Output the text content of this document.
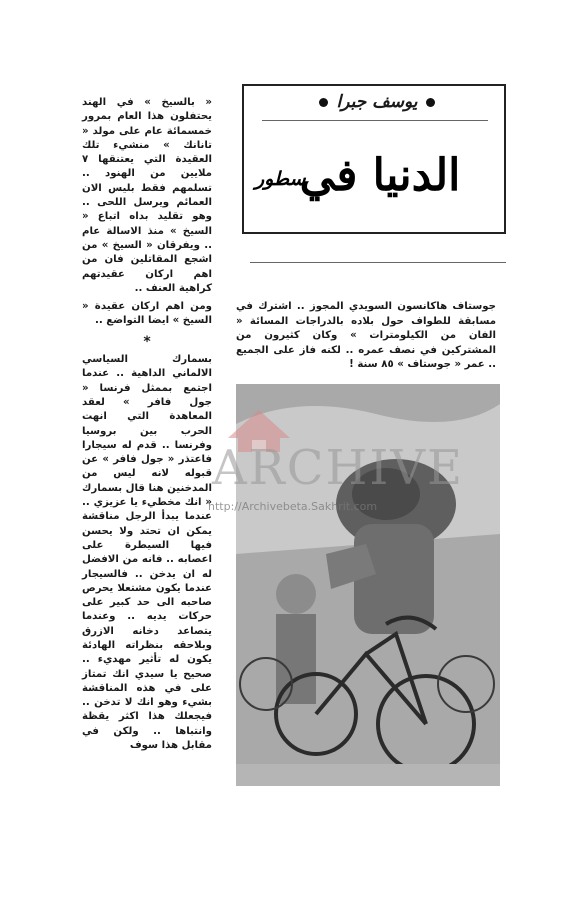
يوسف جبرا
الدنيا في
سطور

« بالسيخ » في الهند يحتفلون هذا العام بمرور خمسمائة عام على مولد « تانانك » منشيء تلك العقيدة التي يعتنقها ٧ ملايين من الهنود .. تسلمهم فقط بليس الان العمائم ويرسل اللحى .. وهو تقليد بداه اتباع « السيخ » منذ الاسالة عام .. ويفرقان « السيخ » من اشجع المقاتلين فان من اهم اركان عقيدتهم كراهية العنف ..

ومن اهم اركان عقيدة « السيخ » ايضا التواضع ..

*

بسمارك السياسي الالماني الداهية .. عندما اجتمع بممثل فرنسا « جول فافر » لعقد المعاهدة التي انهت الحرب بين بروسيا وفرنسا .. قدم له سيجارا فاعتذر « جول فافر » عن قبوله لانه ليس من المدخنين هنا قال بسمارك « انك مخطيء يا عزيزي .. عندما يبدأ الرجل مناقشة يمكن ان تحتد ولا يحسن فيها السيطرة على اعصابه .. فانه من الافضل له ان يدخن .. فالسيجار عندما يكون مشتعلا يحرص صاحبه الى حد كبير على حركات يديه .. وعندما يتصاعد دخانه الازرق وبلاحقه بنظراته الهادئة يكون له تأثير مهديء .. صحيح يا سيدي انك تمتاز على في هذه المناقشة بشيء وهو انك لا تدخن .. فيجعلك هذا اكثر يقظة وانتباها .. ولكن في مقابل هذا سوف

جوستاف هاكانسون السويدي المجوز .. اشترك في مسابقة للطواف حول بلاده بالدراجات المسائة « الفان من الكيلومترات » وكان كثيرون من المشتركين في نصف عمره .. لكنه فاز على الجميع .. عمر « جوستاف » ٨٥ سنة !
ARCHIVE
http://Archivebeta.Sakhrit.com
